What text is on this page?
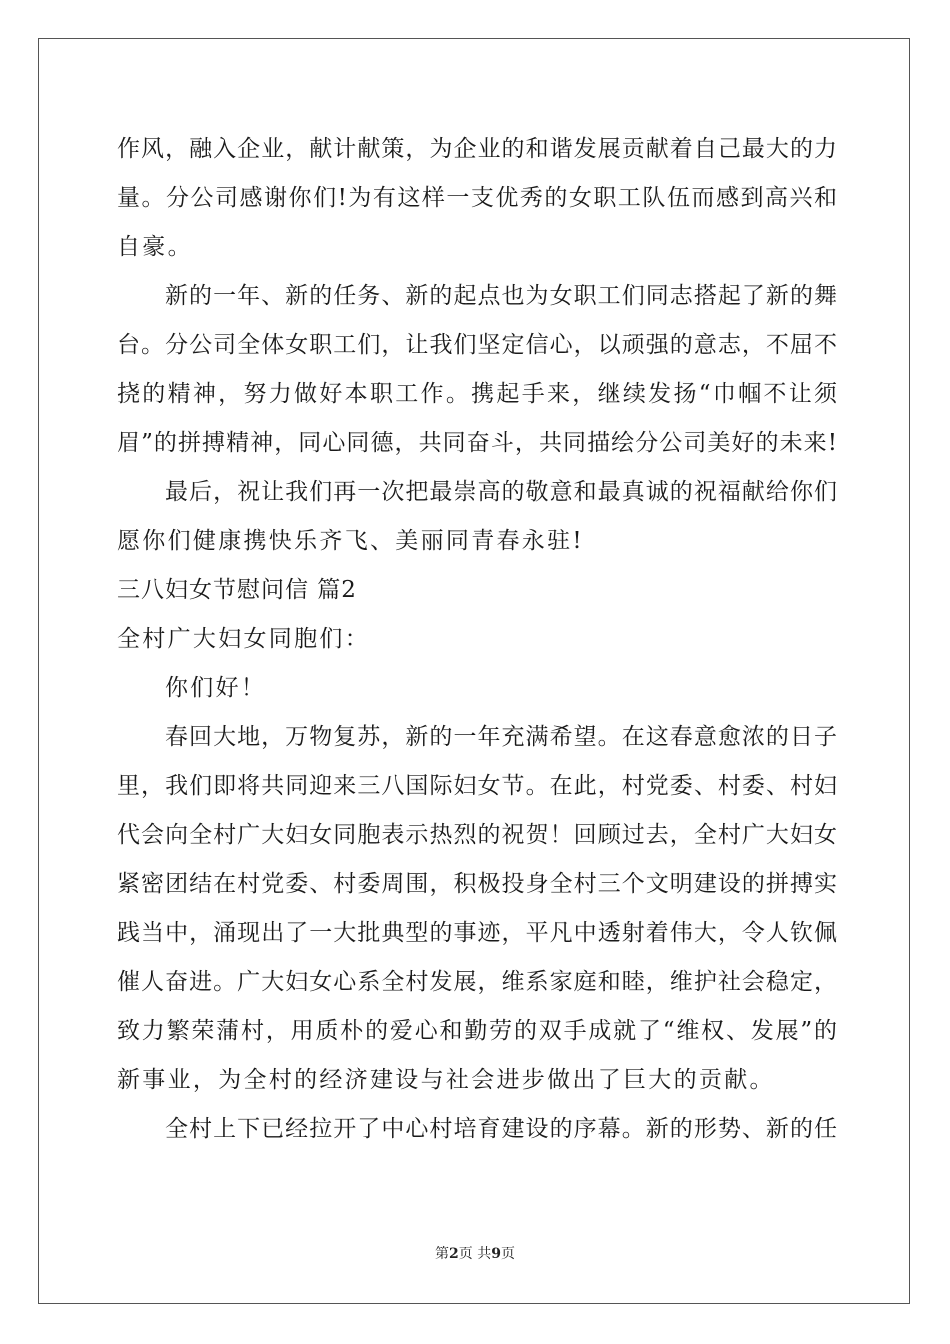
作风，融入企业，献计献策，为企业的和谐发展贡献着自己最大的力
量。分公司感谢你们!为有这样一支优秀的女职工队伍而感到高兴和
自豪。
新的一年、新的任务、新的起点也为女职工们同志搭起了新的舞
台。分公司全体女职工们，让我们坚定信心，以顽强的意志，不屈不
挠的精神，努力做好本职工作。携起手来，继续发扬“巾帼不让须
眉”的拼搏精神，同心同德，共同奋斗，共同描绘分公司美好的未来!
最后，祝让我们再一次把最崇高的敬意和最真诚的祝福献给你们
愿你们健康携快乐齐飞、美丽同青春永驻!
三八妇女节慰问信 篇2
全村广大妇女同胞们：
你们好！
春回大地，万物复苏，新的一年充满希望。在这春意愈浓的日子
里，我们即将共同迎来三八国际妇女节。在此，村党委、村委、村妇
代会向全村广大妇女同胞表示热烈的祝贺！回顾过去，全村广大妇女
紧密团结在村党委、村委周围，积极投身全村三个文明建设的拼搏实
践当中，涌现出了一大批典型的事迹，平凡中透射着伟大，令人钦佩
催人奋进。广大妇女心系全村发展，维系家庭和睦，维护社会稳定，
致力繁荣蒲村，用质朴的爱心和勤劳的双手成就了“维权、发展”的
新事业，为全村的经济建设与社会进步做出了巨大的贡献。
全村上下已经拉开了中心村培育建设的序幕。新的形势、新的任
第2页 共9页
